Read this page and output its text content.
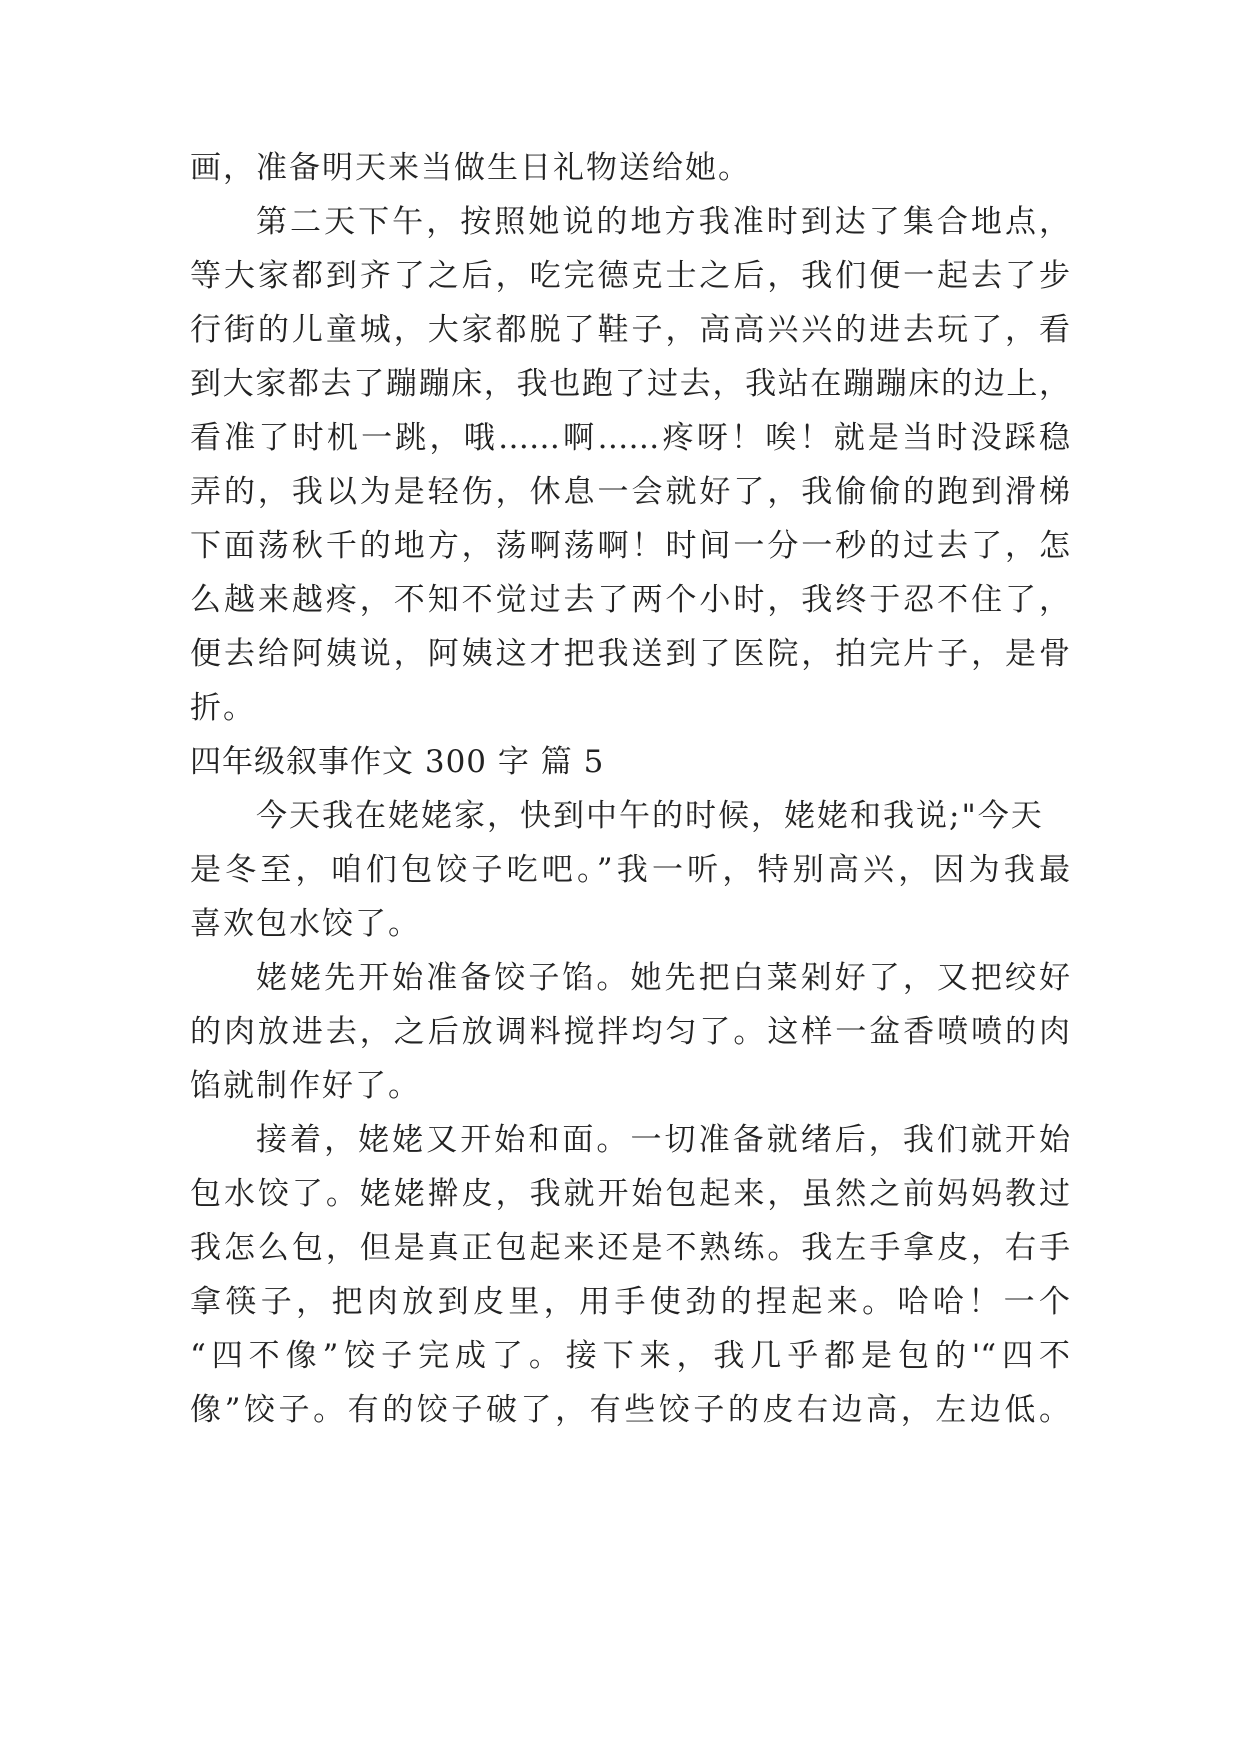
画，准备明天来当做生日礼物送给她。
第二天下午，按照她说的地方我准时到达了集合地点，
等大家都到齐了之后，吃完德克士之后，我们便一起去了步
行街的儿童城，大家都脱了鞋子，高高兴兴的进去玩了，看
到大家都去了蹦蹦床，我也跑了过去，我站在蹦蹦床的边上，
看准了时机一跳，哦……啊……疼呀！唉！就是当时没踩稳
弄的，我以为是轻伤，休息一会就好了，我偷偷的跑到滑梯
下面荡秋千的地方，荡啊荡啊！时间一分一秒的过去了，怎
么越来越疼，不知不觉过去了两个小时，我终于忍不住了，
便去给阿姨说，阿姨这才把我送到了医院，拍完片子，是骨
折。
四年级叙事作文 300 字 篇 5
今天我在姥姥家，快到中午的时候，姥姥和我说;"今天
是冬至，咱们包饺子吃吧。”我一听，特别高兴，因为我最
喜欢包水饺了。
姥姥先开始准备饺子馅。她先把白菜剁好了，又把绞好
的肉放进去，之后放调料搅拌均匀了。这样一盆香喷喷的肉
馅就制作好了。
接着，姥姥又开始和面。一切准备就绪后，我们就开始
包水饺了。姥姥擀皮，我就开始包起来，虽然之前妈妈教过
我怎么包，但是真正包起来还是不熟练。我左手拿皮，右手
拿筷子，把肉放到皮里，用手使劲的捏起来。哈哈！一个
“四不像”饺子完成了。接下来，我几乎都是包的'“四不
像”饺子。有的饺子破了，有些饺子的皮右边高，左边低。
